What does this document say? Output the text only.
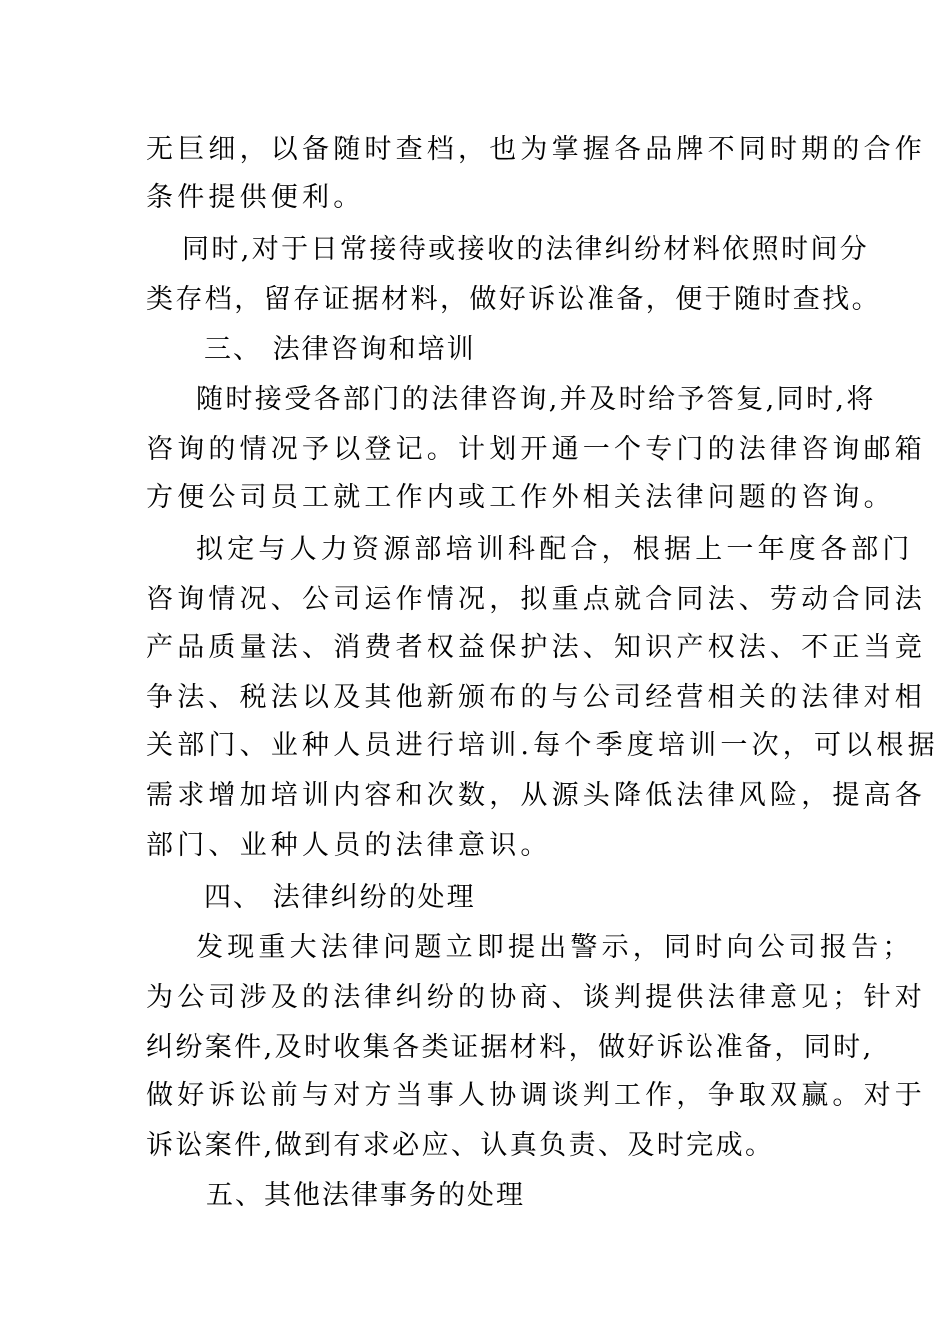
无巨细，以备随时查档，也为掌握各品牌不同时期的合作
条件提供便利。
同时,对于日常接待或接收的法律纠纷材料依照时间分
类存档，留存证据材料，做好诉讼准备，便于随时查找。
三、 法律咨询和培训
随时接受各部门的法律咨询,并及时给予答复,同时,将
咨询的情况予以登记。计划开通一个专门的法律咨询邮箱
方便公司员工就工作内或工作外相关法律问题的咨询。
拟定与人力资源部培训科配合，根据上一年度各部门
咨询情况、公司运作情况，拟重点就合同法、劳动合同法
产品质量法、消费者权益保护法、知识产权法、不正当竞
争法、税法以及其他新颁布的与公司经营相关的法律对相
关部门、业种人员进行培训.每个季度培训一次，可以根据
需求增加培训内容和次数，从源头降低法律风险，提高各
部门、业种人员的法律意识。
四、 法律纠纷的处理
发现重大法律问题立即提出警示，同时向公司报告；
为公司涉及的法律纠纷的协商、谈判提供法律意见；针对
纠纷案件,及时收集各类证据材料，做好诉讼准备，同时,
做好诉讼前与对方当事人协调谈判工作，争取双赢。对于
诉讼案件,做到有求必应、认真负责、及时完成。
五、其他法律事务的处理
